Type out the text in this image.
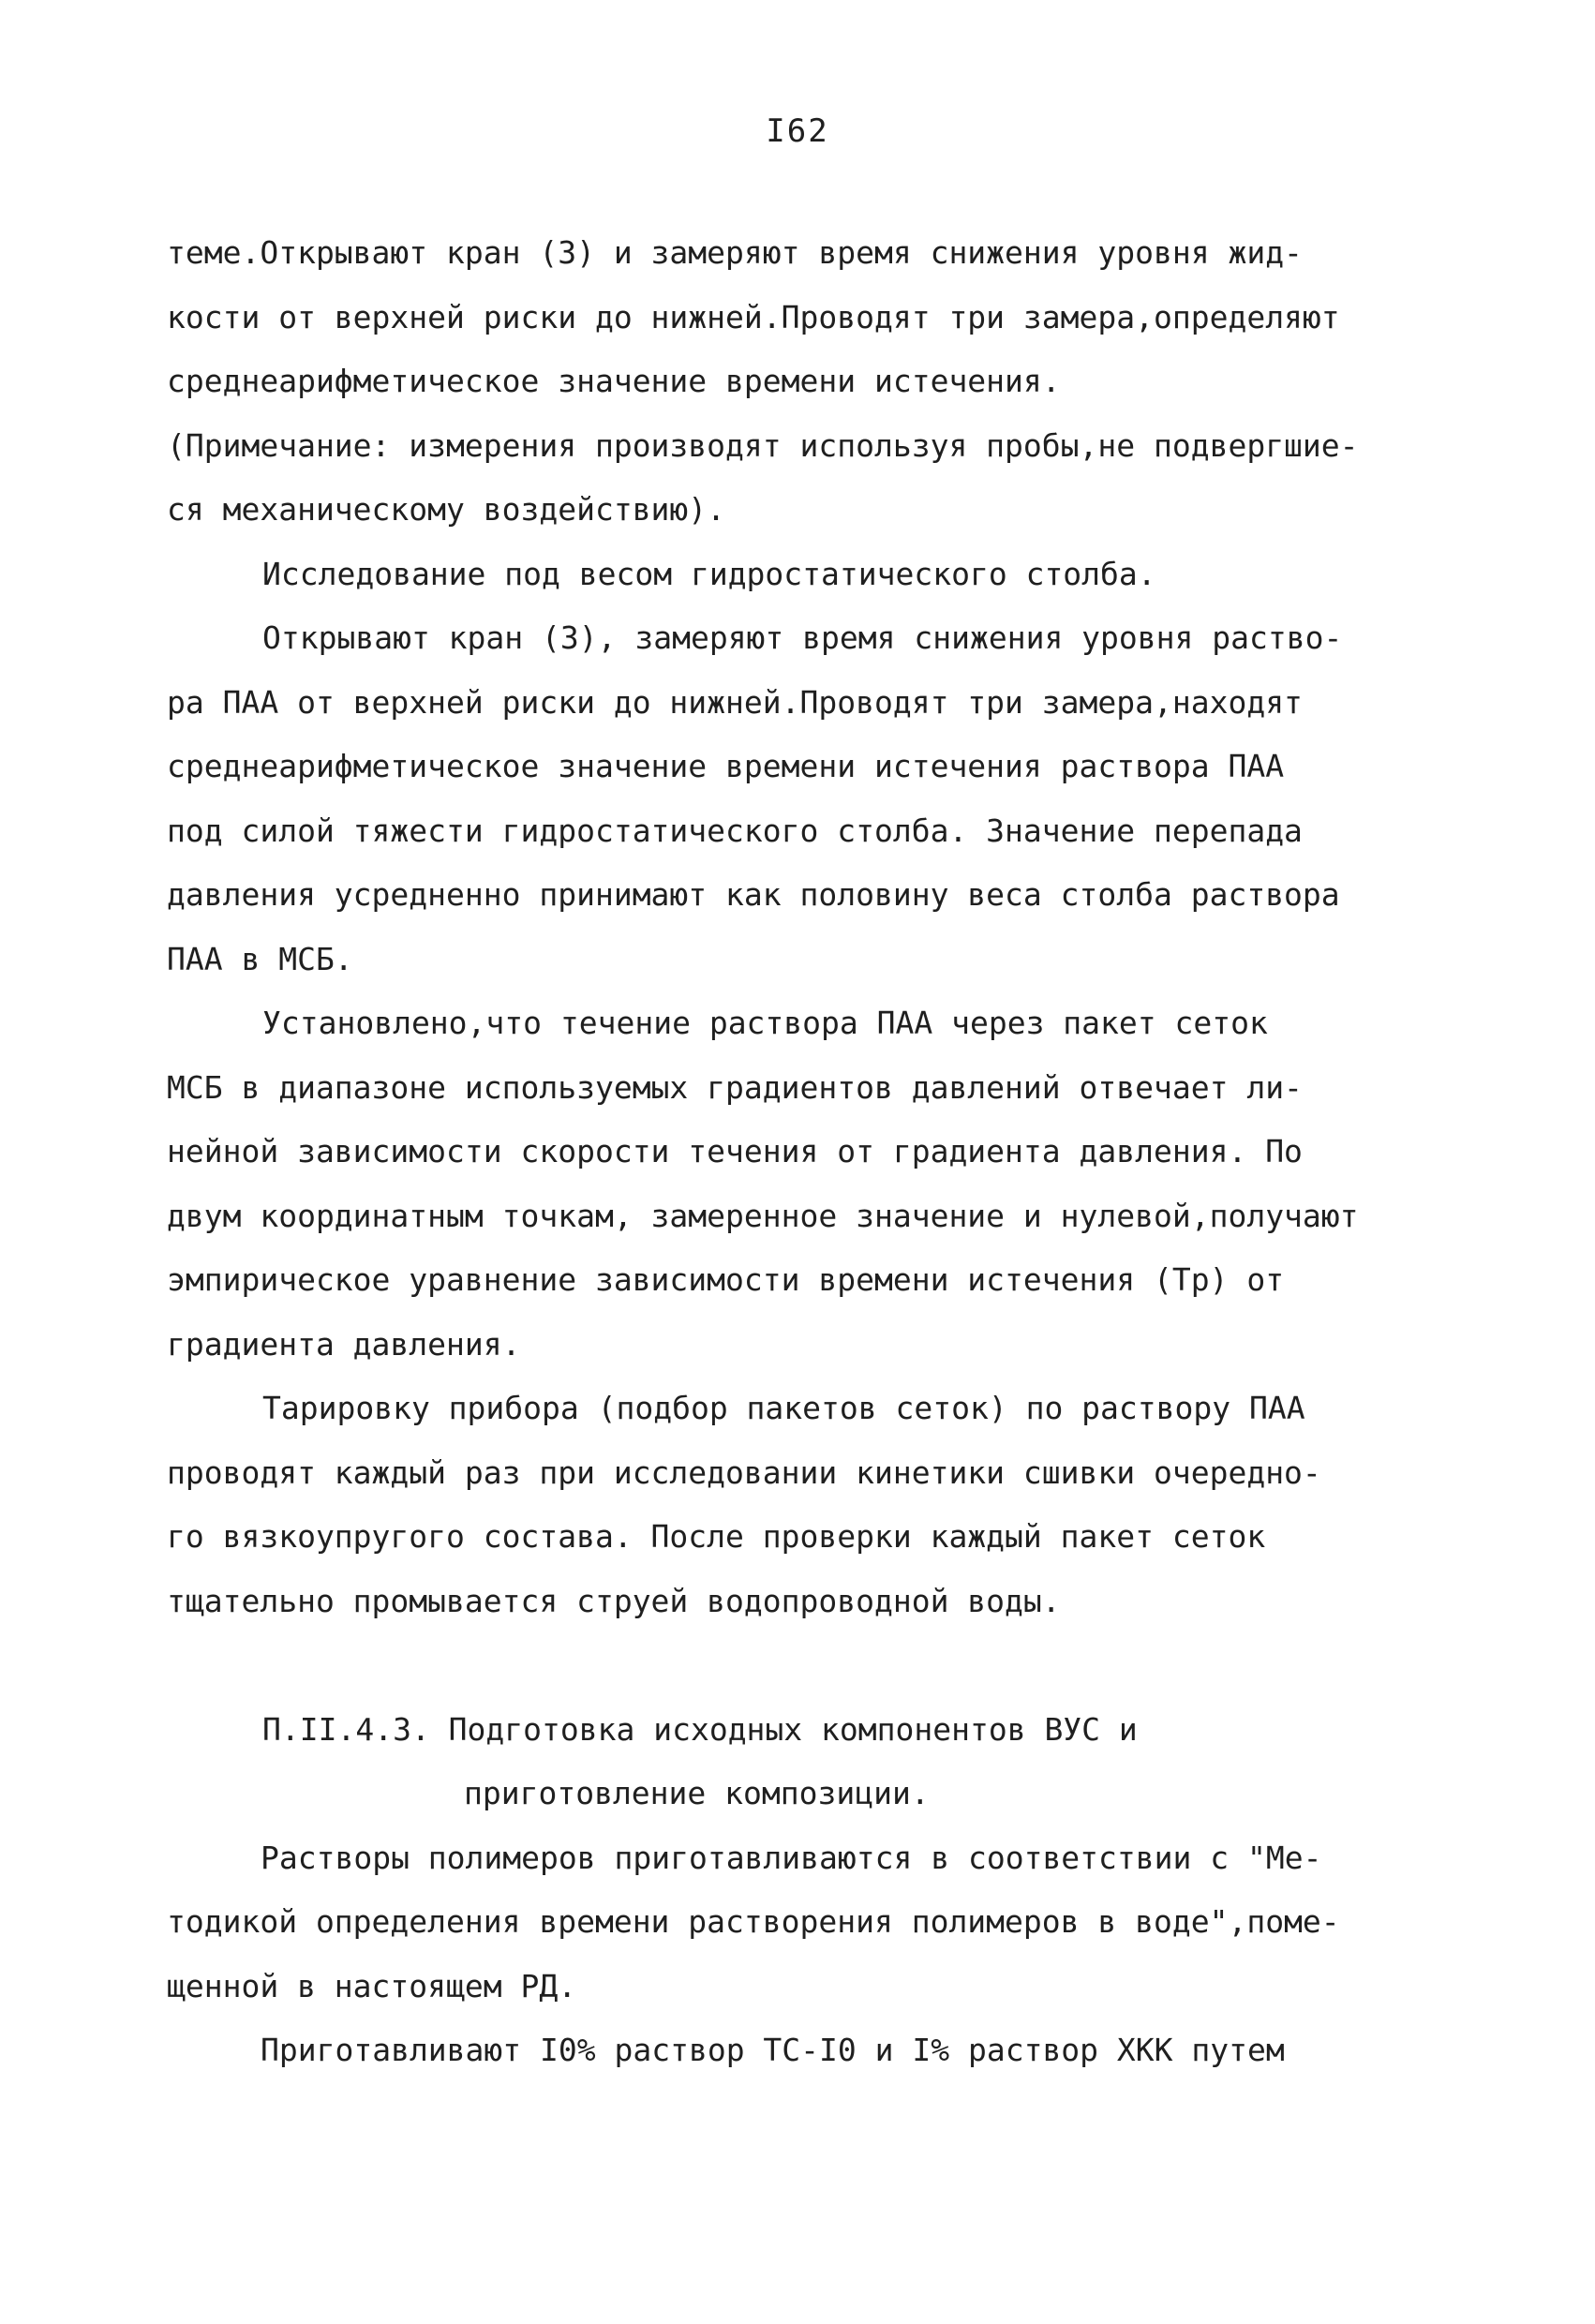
I62
теме.Открывают кран (3) и замеряют время снижения уровня жид-
кости от верхней риски до нижней.Проводят три замера,определяют
среднеарифметическое значение времени истечения.
(Примечание: измерения производят используя пробы,не подвергшие-
ся механическому воздействию).
Исследование под весом гидростатического столба.
Открывают кран (3), замеряют время снижения уровня раство-
ра ПАА от верхней риски до нижней.Проводят три замера,находят
среднеарифметическое значение времени истечения раствора ПАА
под силой тяжести гидростатического столба. Значение перепада
давления усредненно принимают как половину веса столба раствора
ПАА в МСБ.
Установлено,что течение раствора ПАА через пакет сеток
МСБ в диапазоне используемых градиентов давлений отвечает ли-
нейной зависимости скорости течения от градиента давления. По
двум координатным точкам, замеренное значение и нулевой,получают
эмпирическое уравнение зависимости времени истечения (Тр) от
градиента давления.
Тарировку прибора (подбор пакетов сеток) по раствору ПАА
проводят каждый раз при исследовании кинетики сшивки очередно-
го вязкоупругого состава. После проверки каждый пакет сеток
тщательно промывается струей водопроводной воды.
П.II.4.3. Подготовка исходных компонентов ВУС и
приготовление композиции.
Растворы полимеров приготавливаются в соответствии с "Ме-
тодикой определения времени растворения полимеров в воде",поме-
щенной в настоящем РД.
Приготавливают I0% раствор ТС-I0 и I% раствор ХКК путем
